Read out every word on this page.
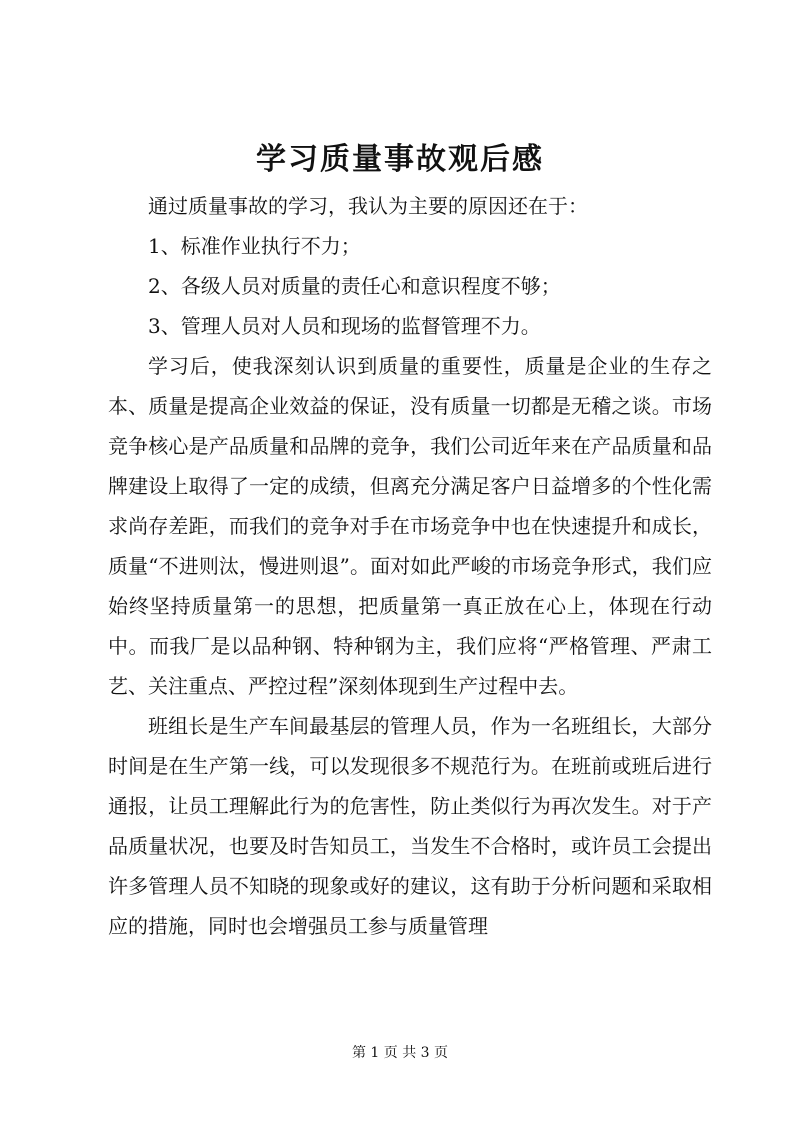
学习质量事故观后感

通过质量事故的学习，我认为主要的原因还在于：

1、标准作业执行不力；

2、各级人员对质量的责任心和意识程度不够；

3、管理人员对人员和现场的监督管理不力。

学习后，使我深刻认识到质量的重要性，质量是企业的生存之本、质量是提高企业效益的保证，没有质量一切都是无稽之谈。市场竞争核心是产品质量和品牌的竞争，我们公司近年来在产品质量和品牌建设上取得了一定的成绩，但离充分满足客户日益增多的个性化需求尚存差距，而我们的竞争对手在市场竞争中也在快速提升和成长，质量“不进则汰，慢进则退”。面对如此严峻的市场竞争形式，我们应始终坚持质量第一的思想，把质量第一真正放在心上，体现在行动中。而我厂是以品种钢、特种钢为主，我们应将“严格管理、严肃工艺、关注重点、严控过程”深刻体现到生产过程中去。

班组长是生产车间最基层的管理人员，作为一名班组长，大部分时间是在生产第一线，可以发现很多不规范行为。在班前或班后进行通报，让员工理解此行为的危害性，防止类似行为再次发生。对于产品质量状况，也要及时告知员工，当发生不合格时，或许员工会提出许多管理人员不知晓的现象或好的建议，这有助于分析问题和采取相应的措施，同时也会增强员工参与质量管理

第 1 页 共 3 页
